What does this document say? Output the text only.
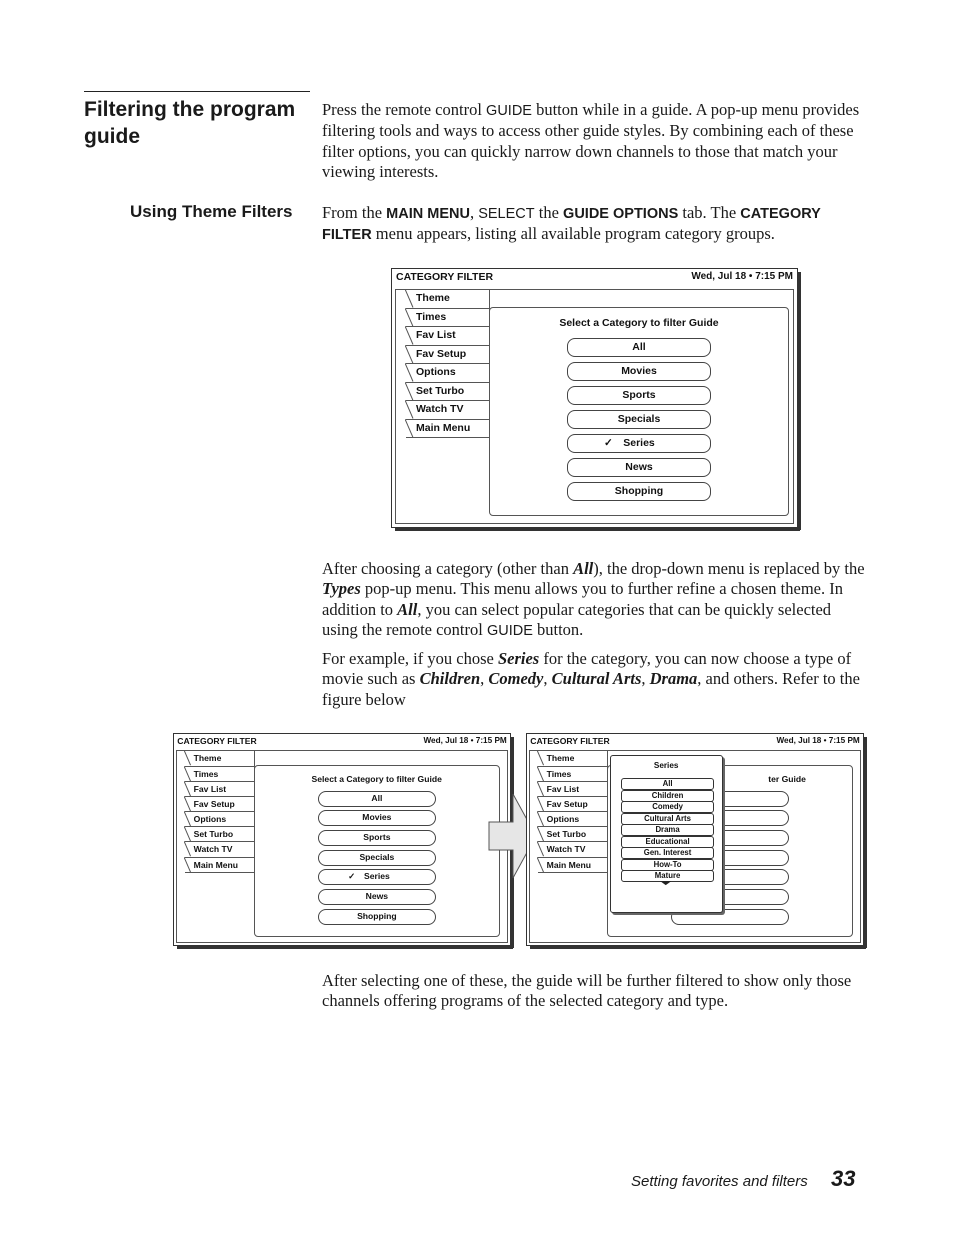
Filtering the program guide
Using Theme Filters
Press the remote control GUIDE button while in a guide. A pop-up menu provides filtering tools and ways to access other guide styles. By combining each of these filter options, you can quickly narrow down channels to those that match your viewing interests.
From the MAIN MENU, SELECT the GUIDE OPTIONS tab. The CATEGORY FILTER menu appears, listing all available program category groups.
CATEGORY FILTER	Wed, Jul 18 • 7:15 PM
Theme
Times
Fav List
Fav Setup
Options
Set Turbo
Watch TV
Main Menu
Select a Category to filter Guide
All
Movies
Sports
Specials
Series
✓
News
Shopping
After choosing a category (other than All), the drop-down menu is replaced by the Types pop-up menu. This menu allows you to further refine a chosen theme. In addition to All, you can select popular categories that can be quickly selected using the remote control GUIDE button.
For example, if you chose Series for the category, you can now choose a type of movie such as Children, Comedy, Cultural Arts, Drama, and others. Refer to the figure below
CATEGORY FILTER	Wed, Jul 18 • 7:15 PM
Theme
Times
Fav List
Fav Setup
Options
Set Turbo
Watch TV
Main Menu
Select a Category to filter Guide
All
Movies
Sports
Specials
Series
✓
News
Shopping
CATEGORY FILTER	Wed, Jul 18 • 7:15 PM
Theme
Times
Fav List
Fav Setup
Options
Set Turbo
Watch TV
Main Menu
ter Guide
Series
All
Children
Comedy
Cultural Arts
Drama
Educational
Gen. Interest
How-To
Mature
After selecting one of these, the guide will be further filtered to show only those channels offering programs of the selected category and type.
Setting favorites and filters 33
